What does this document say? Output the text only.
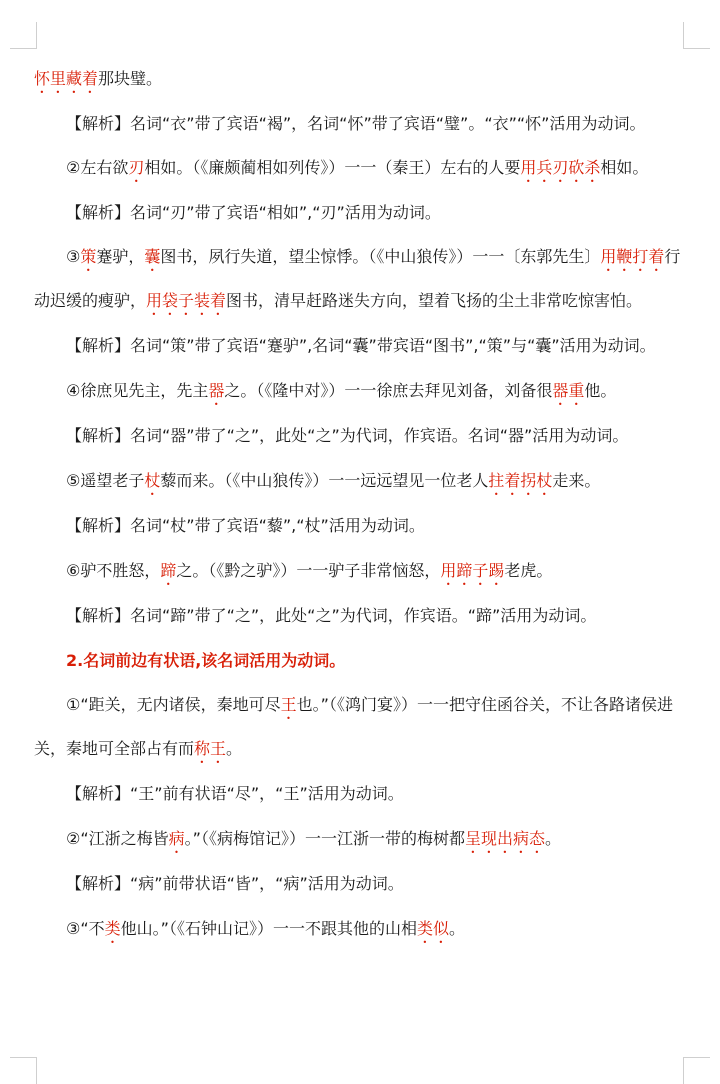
怀里藏着那块璧。

【解析】名词“衣”带了宾语“褐”，名词“怀”带了宾语“璧”。“衣”“怀”活用为动词。

②左右欲刃相如。（《廉颇蔺相如列传》）一一（秦王）左右的人要用兵刃砍杀相如。

【解析】名词“刃”带了宾语“相如”,“刃”活用为动词。

③策蹇驴，囊图书，夙行失道，望尘惊悸。（《中山狼传》）一一〔东郭先生〕用鞭打着行动迟缓的瘦驴，用袋子装着图书，清早赶路迷失方向，望着飞扬的尘土非常吃惊害怕。

【解析】名词“策”带了宾语“蹇驴”,名词“囊”带宾语“图书”,“策”与“囊”活用为动词。

④徐庶见先主，先主器之。（《隆中对》）一一徐庶去拜见刘备，刘备很器重他。

【解析】名词“器”带了“之”，此处“之”为代词，作宾语。名词“器”活用为动词。

⑤遥望老子杖藜而来。（《中山狼传》）一一远远望见一位老人拄着拐杖走来。

【解析】名词“杖”带了宾语“藜”,“杖”活用为动词。

⑥驴不胜怒，蹄之。（《黔之驴》）一一驴子非常恼怒，用蹄子踢老虎。

【解析】名词“蹄”带了“之”，此处“之”为代词，作宾语。“蹄”活用为动词。

2.名词前边有状语,该名词活用为动词。

①“距关，无内诸侯，秦地可尽王也。”（《鸿门宴》）一一把守住函谷关，不让各路诸侯进关，秦地可全部占有而称王。

【解析】“王”前有状语“尽”，“王”活用为动词。

②“江浙之梅皆病。”（《病梅馆记》）一一江浙一带的梅树都呈现出病态。

【解析】“病”前带状语“皆”，“病”活用为动词。

③“不类他山。”（《石钟山记》）一一不跟其他的山相类似。
